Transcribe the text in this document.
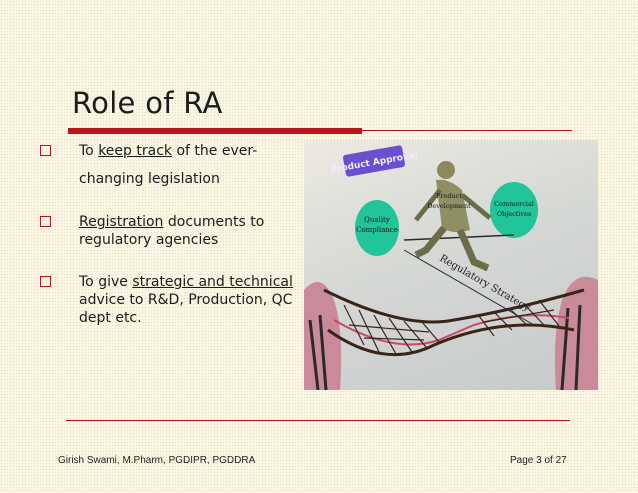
Role of RA
To keep track of the ever-
changing legislation
Registration documents to
regulatory agencies
To give strategic and technical
advice to R&D, Production, QC
dept etc.
Product Approval
Quality
Compliance
Commercial
Objectives
Product
Development
Regulatory Strategy
Girish Swami, M.Pharm, PGDIPR, PGDDRA	Page 3 of 27
